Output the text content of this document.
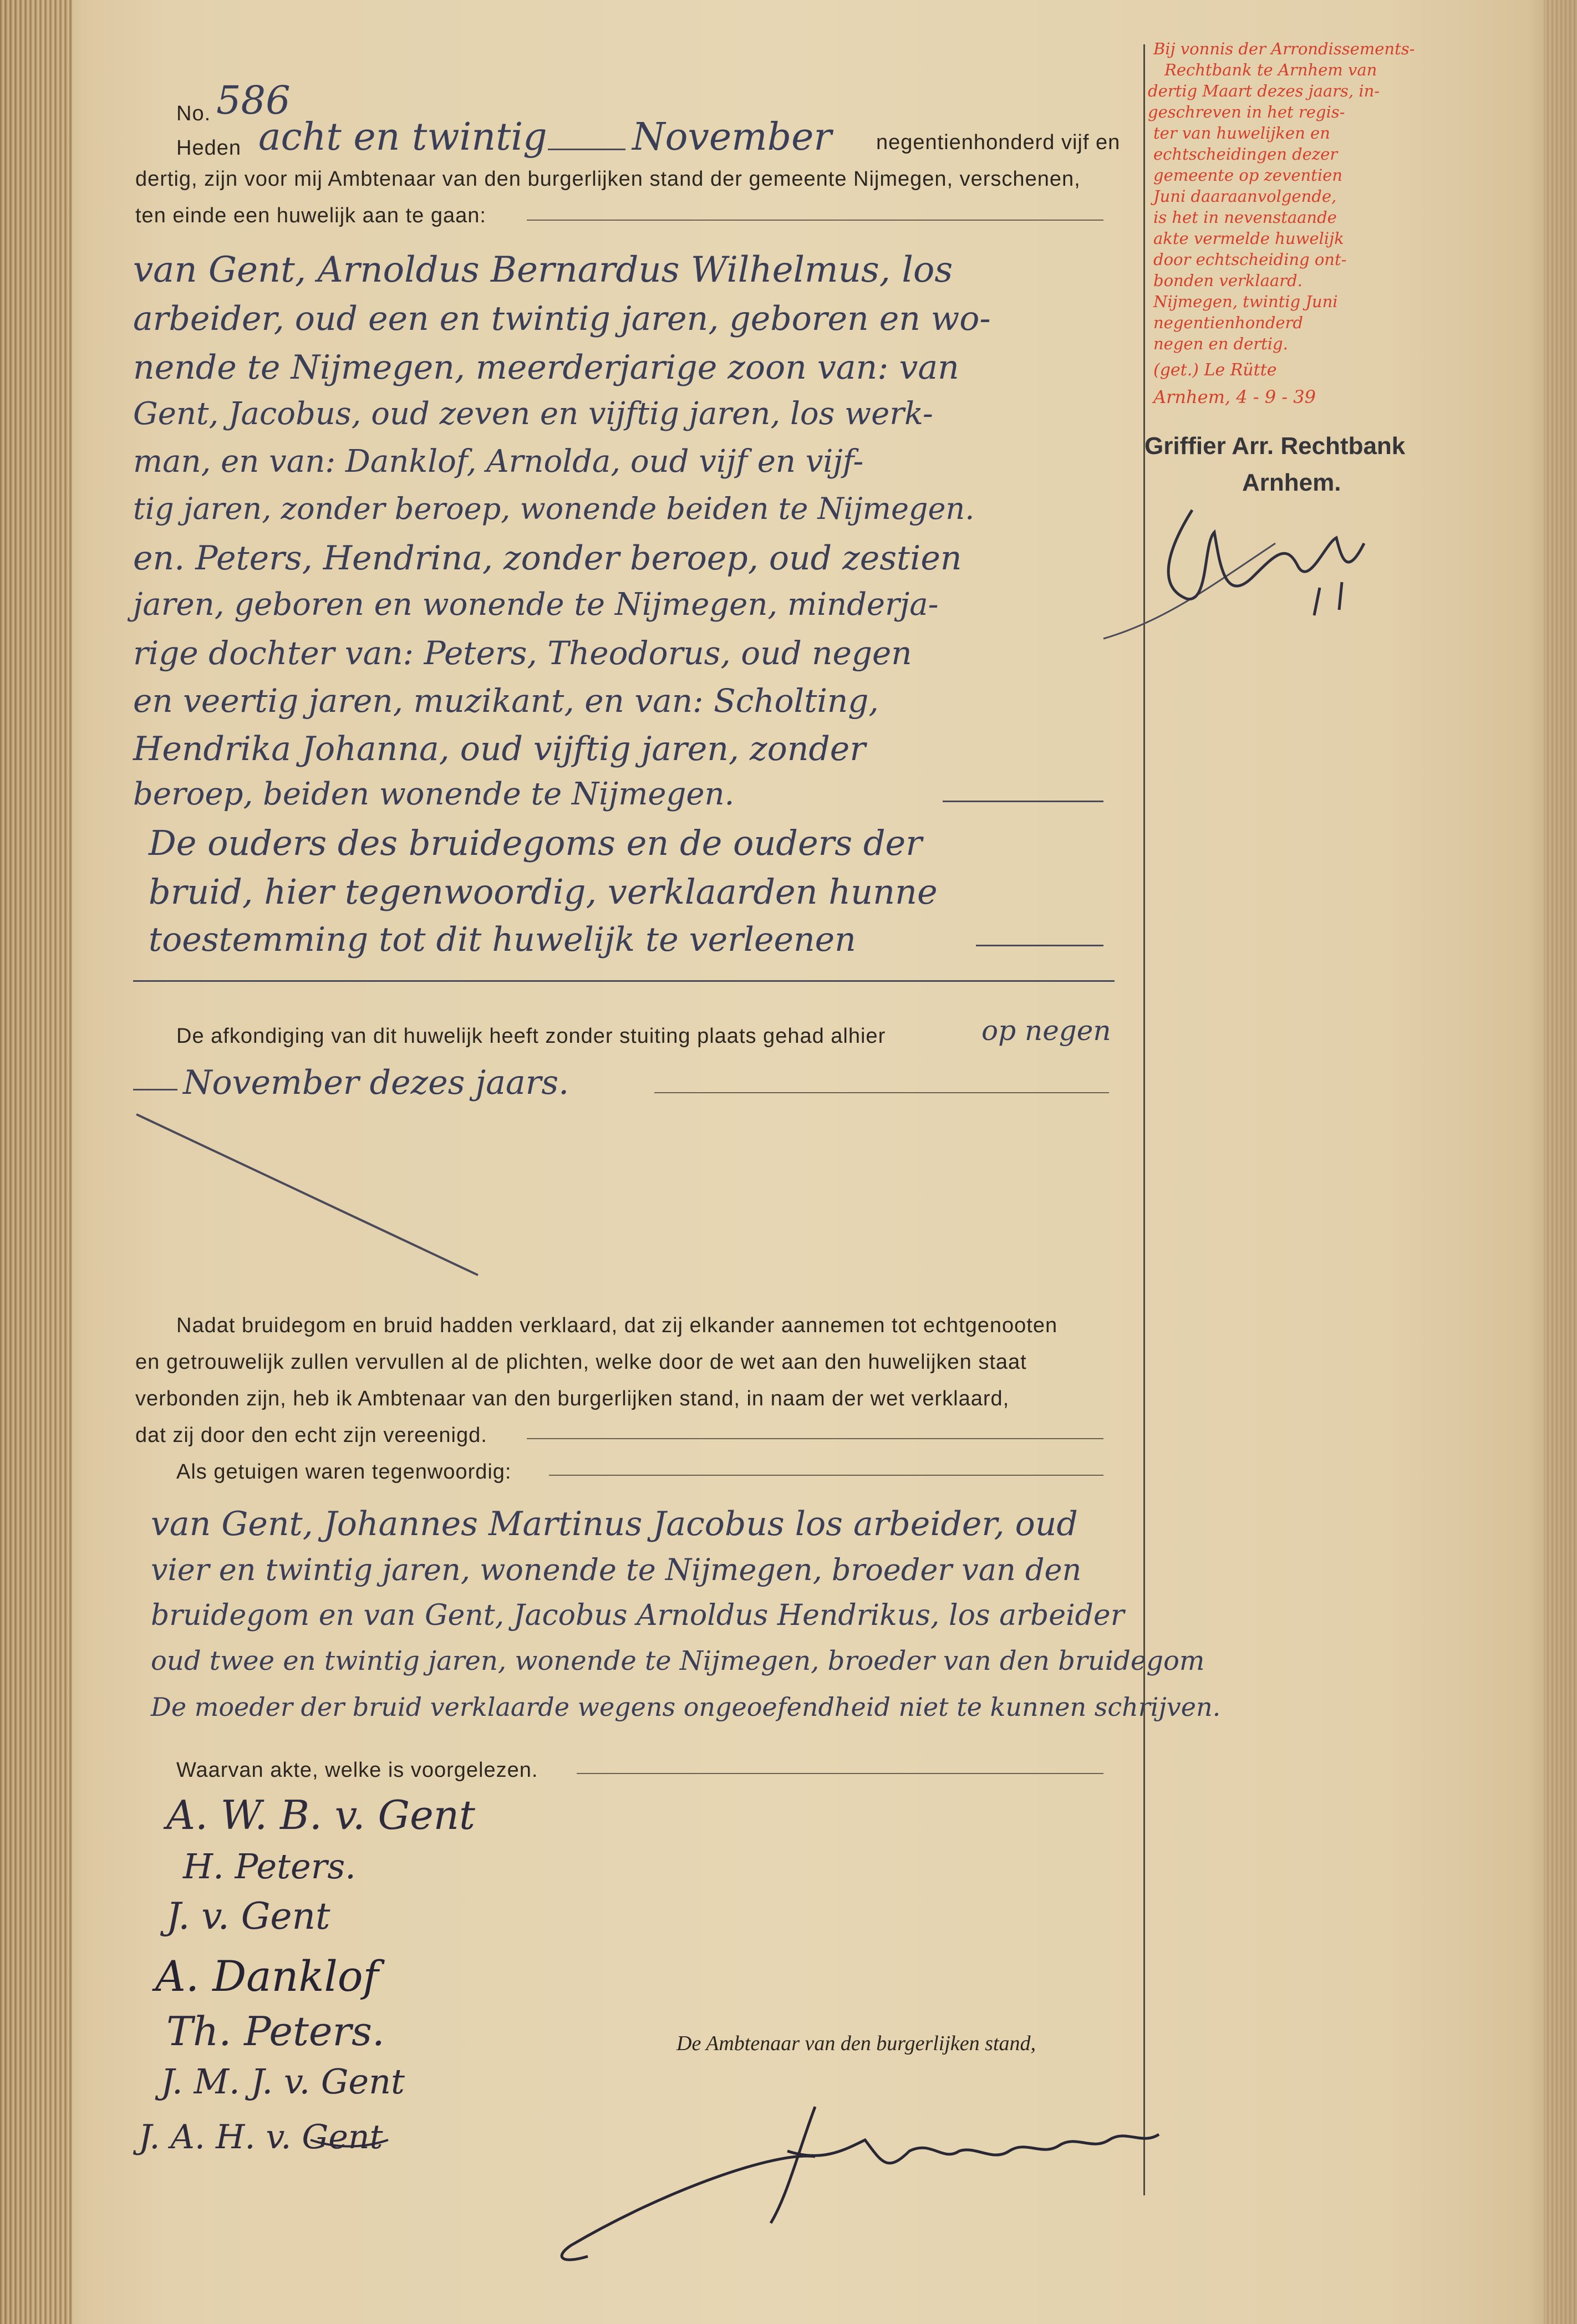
No. 586
Heden acht en twintig November negentienhonderd vijf en
dertig, zijn voor mij Ambtenaar van den burgerlijken stand der gemeente Nijmegen, verschenen,
ten einde een huwelijk aan te gaan:
van Gent, Arnoldus Bernardus Wilhelmus, los
arbeider, oud een en twintig jaren, geboren en wo-
nende te Nijmegen, meerderjarige zoon van: van
Gent, Jacobus, oud zeven en vijftig jaren, los werk-
man, en van: Danklof, Arnolda, oud vijf en vijf-
tig jaren, zonder beroep, wonende beiden te Nijmegen.
en. Peters, Hendrina, zonder beroep, oud zestien
jaren, geboren en wonende te Nijmegen, minderja-
rige dochter van: Peters, Theodorus, oud negen
en veertig jaren, muzikant, en van: Scholting,
Hendrika Johanna, oud vijftig jaren, zonder
beroep, beiden wonende te Nijmegen.
De ouders des bruidegoms en de ouders der
bruid, hier tegenwoordig, verklaarden hunne
toestemming tot dit huwelijk te verleenen
De afkondiging van dit huwelijk heeft zonder stuiting plaats gehad alhier	op negen
November dezes jaars.
Nadat bruidegom en bruid hadden verklaard, dat zij elkander aannemen tot echtgenooten
en getrouwelijk zullen vervullen al de plichten, welke door de wet aan den huwelijken staat
verbonden zijn, heb ik Ambtenaar van den burgerlijken stand, in naam der wet verklaard,
dat zij door den echt zijn vereenigd.
Als getuigen waren tegenwoordig:
van Gent, Johannes Martinus Jacobus los arbeider, oud
vier en twintig jaren, wonende te Nijmegen, broeder van den
bruidegom en van Gent, Jacobus Arnoldus Hendrikus, los arbeider
oud twee en twintig jaren, wonende te Nijmegen, broeder van den bruidegom
De moeder der bruid verklaarde wegens ongeoefendheid niet te kunnen schrijven.
Waarvan akte, welke is voorgelezen.
A. W. B. v. Gent
H. Peters.
J. v. Gent
A. Danklof
Th. Peters.
J. M. J. v. Gent
J. A. H. v. Gent
De Ambtenaar van den burgerlijken stand,
Bij vonnis der Arrondissements-
Rechtbank te Arnhem van
dertig Maart dezes jaars, in-
geschreven in het regis-
ter van huwelijken en
echtscheidingen dezer
gemeente op zeventien
Juni daaraanvolgende,
is het in nevenstaande
akte vermelde huwelijk
door echtscheiding ont-
bonden verklaard.
Nijmegen, twintig Juni
negentienhonderd
negen en dertig.
(get.) Le Rütte
Arnhem, 4 - 9 - 39
Griffier Arr. Rechtbank
Arnhem.
